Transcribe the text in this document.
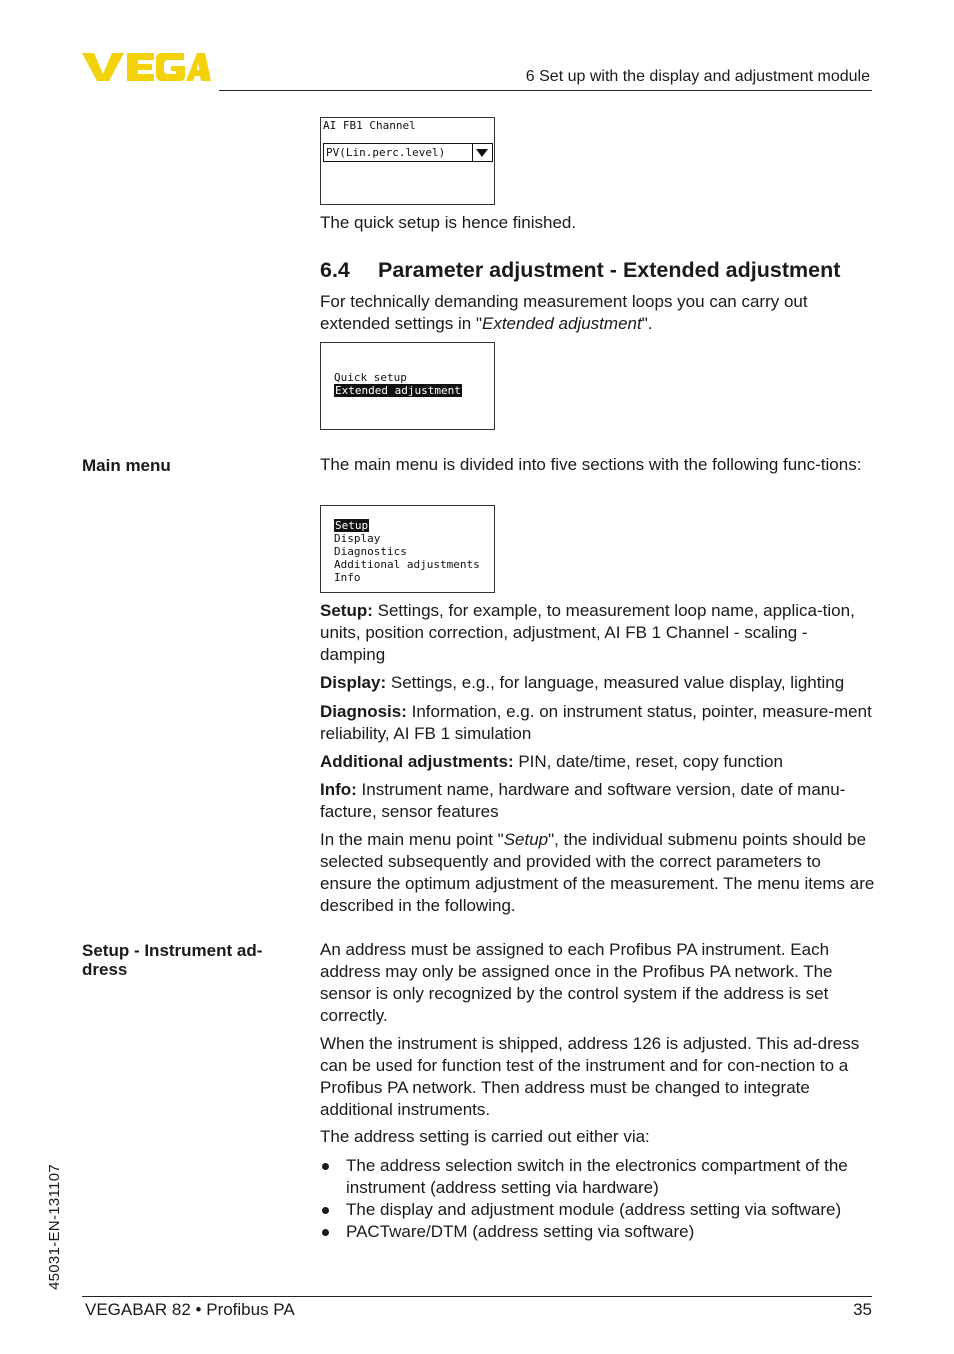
6 Set up with the display and adjustment module
AI FB1 Channel
PV(Lin.perc.level)
The quick setup is hence finished.
6.4 Parameter adjustment - Extended adjustment
For technically demanding measurement loops you can carry out extended settings in "Extended adjustment".
Quick setup
Extended adjustment
Main menu	The main menu is divided into five sections with the following func-tions:
Setup
Display
Diagnostics
Additional adjustments
Info
Setup: Settings, for example, to measurement loop name, applica-tion, units, position correction, adjustment, AI FB 1 Channel - scaling - damping
Display: Settings, e.g., for language, measured value display, lighting
Diagnosis: Information, e.g. on instrument status, pointer, measure-ment reliability, AI FB 1 simulation
Additional adjustments: PIN, date/time, reset, copy function
Info: Instrument name, hardware and software version, date of manu-facture, sensor features
In the main menu point "Setup", the individual submenu points should be selected subsequently and provided with the correct parameters to ensure the optimum adjustment of the measurement. The menu items are described in the following.
Setup - Instrument ad-dress
An address must be assigned to each Profibus PA instrument. Each address may only be assigned once in the Profibus PA network. The sensor is only recognized by the control system if the address is set correctly.
When the instrument is shipped, address 126 is adjusted. This ad-dress can be used for function test of the instrument and for con-nection to a Profibus PA network. Then address must be changed to integrate additional instruments.
The address setting is carried out either via:
The address selection switch in the electronics compartment of the instrument (address setting via hardware)
The display and adjustment module (address setting via software)
PACTware/DTM (address setting via software)
45031-EN-131107
VEGABAR 82 • Profibus PA	35
